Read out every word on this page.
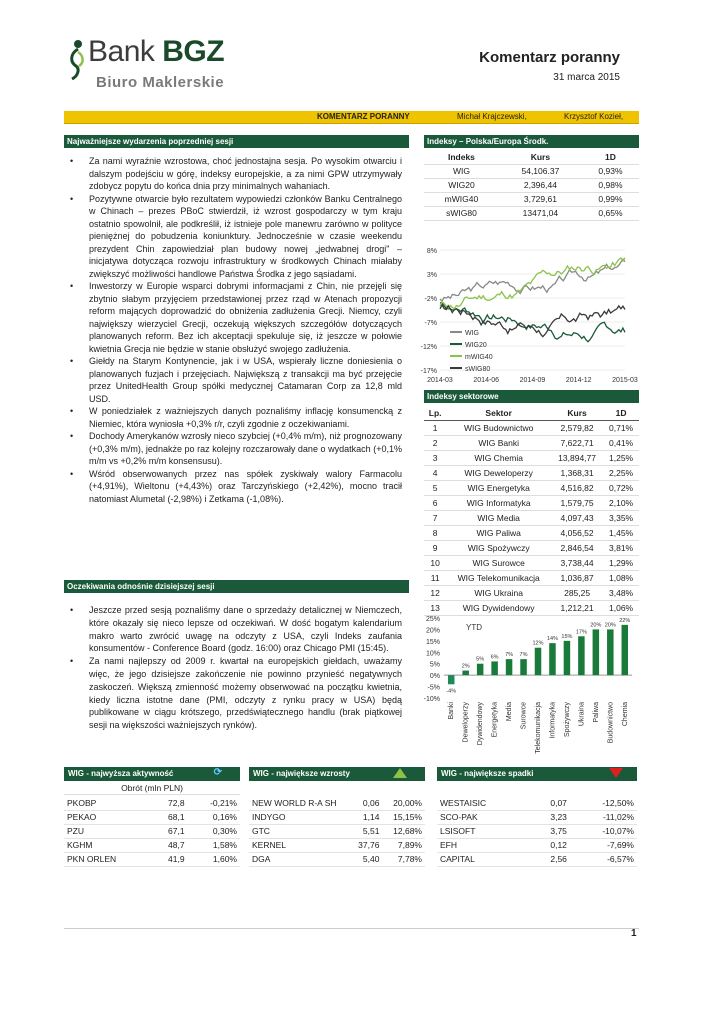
Bank BGZ
Biuro Maklerskie
Komentarz poranny
31 marca 2015
KOMENTARZ PORANNY	Michał Krajczewski,	Krzysztof Kozieł,
Najważniejsze wydarzenia poprzedniej sesji
• Za nami wyraźnie wzrostowa, choć jednostajna sesja. Po wysokim otwarciu i dalszym podejściu w górę, indeksy europejskie, a za nimi GPW utrzymywały zdobycz popytu do końca dnia przy minimalnych wahaniach.
• Pozytywne otwarcie było rezultatem wypowiedzi członków Banku Centralnego w Chinach – prezes PBoC stwierdził, iż wzrost gospodarczy w tym kraju ostatnio spowolnił, ale podkreślił, iż istnieje pole manewru zarówno w polityce pieniężnej do pobudzenia koniunktury. Jednocześnie w czasie weekendu prezydent Chin zapowiedział plan budowy nowej „jedwabnej drogi" – inicjatywa dotycząca rozwoju infrastruktury w środkowych Chinach miałaby zwiększyć możliwości handlowe Państwa Środka z jego sąsiadami.
• Inwestorzy w Europie wsparci dobrymi informacjami z Chin, nie przejęli się zbytnio słabym przyjęciem przedstawionej przez rząd w Atenach propozycji reform mających doprowadzić do obniżenia zadłużenia Grecji. Niemcy, czyli największy wierzyciel Grecji, oczekują większych szczegółów dotyczących planowanych reform. Bez ich akceptacji spekuluje się, iż jeszcze w połowie kwietnia Grecja nie będzie w stanie obsłużyć swojego zadłużenia.
• Giełdy na Starym Kontynencie, jak i w USA, wspierały liczne doniesienia o planowanych fuzjach i przejęciach. Największą z transakcji ma być przejęcie przez UnitedHealth Group spółki medycznej Catamaran Corp za 12,8 mld USD.
• W poniedziałek z ważniejszych danych poznaliśmy inflację konsumencką z Niemiec, która wyniosła +0,3% r/r, czyli zgodnie z oczekiwaniami.
• Dochody Amerykanów wzrosły nieco szybciej (+0,4% m/m), niż prognozowany (+0,3% m/m), jednakże po raz kolejny rozczarowały dane o wydatkach (+0,1% m/m vs +0,2% m/m konsensusu).
• Wśród obserwowanych przez nas spółek zyskiwały walory Farmacolu (+4,91%), Wieltonu (+4,43%) oraz Tarczyńskiego (+2,42%), mocno tracił natomiast Alumetal (-2,98%) i Zetkama (-1,08%).
Oczekiwania odnośnie dzisiejszej sesji
• Jeszcze przed sesją poznaliśmy dane o sprzedaży detalicznej w Niemczech, które okazały się nieco lepsze od oczekiwań. W dość bogatym kalendarium makro warto zwrócić uwagę na odczyty z USA, czyli Indeks zaufania konsumentów - Conference Board (godz. 16:00) oraz Chicago PMI (15:45).
• Za nami najlepszy od 2009 r. kwartał na europejskich giełdach, uważamy więc, że jego dzisiejsze zakończenie nie powinno przynieść negatywnych zaskoczeń. Większą zmienność możemy obserwować na początku kwietnia, kiedy liczna istotne dane (PMI, odczyty z rynku pracy w USA) będą publikowane w ciągu krótszego, przedświątecznego handlu (brak piątkowej sesji na większości ważniejszych rynków).
Indeksy – Polska/Europa Środk.
Indeks	Kurs	1D
WIG	54,106.37	0,93%
WIG20	2,396,44	0,98%
mWIG40	3,729,61	0,99%
sWIG80	13471,04	0,65%
8%
3%
-2%
-7%
-12%
-17%
2014-03	2014-06	2014-09	2014-12	2015-03
WIG
WIG20
mWIG40
sWIG80
Indeksy sektorowe
Lp.	Sektor	Kurs	1D
1	WIG Budownictwo	2,579,82	0,71%
2	WIG Banki	7,622,71	0,41%
3	WIG Chemia	13,894,77	1,25%
4	WIG Deweloperzy	1,368,31	2,25%
5	WIG Energetyka	4,516,82	0,72%
6	WIG Informatyka	1,579,75	2,10%
7	WIG Media	4,097,43	3,35%
8	WIG Paliwa	4,056,52	1,45%
9	WIG Spożywczy	2,846,54	3,81%
10	WIG Surowce	3,738,44	1,29%
11	WIG Telekomunikacja	1,036,87	1,08%
12	WIG Ukraina	285,25	3,48%
13	WIG Dywidendowy	1,212,21	1,06%
25%
20%
15%
10%
5%
0%
-5%
-10%
YTD
-4%
Banki
2%
Deweloperzy
5%
Dywidendowy
6%
Energetyka
7%
Media
7%
Surowce
12%
Telekomunikacja
14%
Informatyka
15%
Spożywczy
17%
Ukraina
20%
Paliwa
20%
Budownictwo
22%
Chemia
WIG - najwyższa aktywność	⟳
Obrót (mln PLN)
PKOBP	72,8	-0,21%
PEKAO	68,1	0,16%
PZU	67,1	0,30%
KGHM	48,7	1,58%
PKN ORLEN	41,9	1,60%
WIG - największe wzrosty
NEW WORLD R-A SH	0,06	20,00%
INDYGO	1,14	15,15%
GTC	5,51	12,68%
KERNEL	37,76	7,89%
DGA	5,40	7,78%
WIG - największe spadki
WESTAISIC	0,07	-12,50%
SCO-PAK	3,23	-11,02%
LSISOFT	3,75	-10,07%
EFH	0,12	-7,69%
CAPITAL	2,56	-6,57%
1
